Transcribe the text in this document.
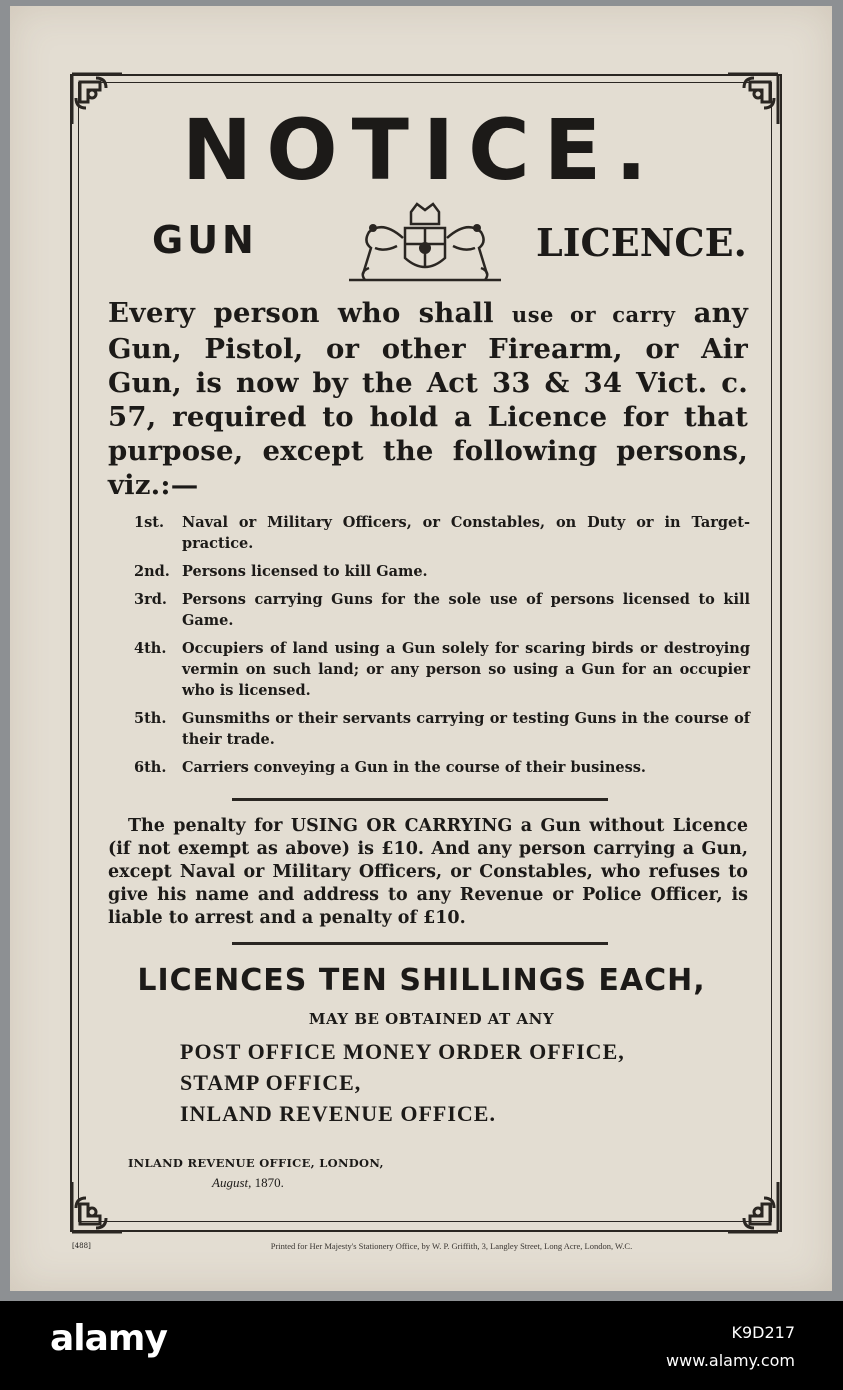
NOTICE.
GUN	LICENCE.
Every person who shall use or carry any Gun, Pistol, or other Firearm, or Air Gun, is now by the Act 33 & 34 Vict. c. 57, required to hold a Licence for that purpose, except the following persons, viz.:—
1st.	Naval or Military Officers, or Constables, on Duty or in Target-practice.
2nd. Persons licensed to kill Game.
3rd.	Persons carrying Guns for the sole use of persons licensed to kill Game.
4th.	Occupiers of land using a Gun solely for scaring birds or destroying vermin on such land; or any person so using a Gun for an occupier who is licensed.
5th.	Gunsmiths or their servants carrying or testing Guns in the course of their trade.
6th.	Carriers conveying a Gun in the course of their business.

The penalty for USING OR CARRYING a Gun without Licence (if not exempt as above) is £10. And any person carrying a Gun, except Naval or Military Officers, or Constables, who refuses to give his name and address to any Revenue or Police Officer, is liable to arrest and a penalty of £10.

LICENCES TEN SHILLINGS EACH,
MAY BE OBTAINED AT ANY
POST OFFICE MONEY ORDER OFFICE,
STAMP OFFICE,
INLAND REVENUE OFFICE.
INLAND REVENUE OFFICE, LONDON,
August, 1870.
[488]	Printed for Her Majesty's Stationery Office, by W. P. Griffith, 3, Langley Street, Long Acre, London, W.C.
alamy	K9D217
www.alamy.com
